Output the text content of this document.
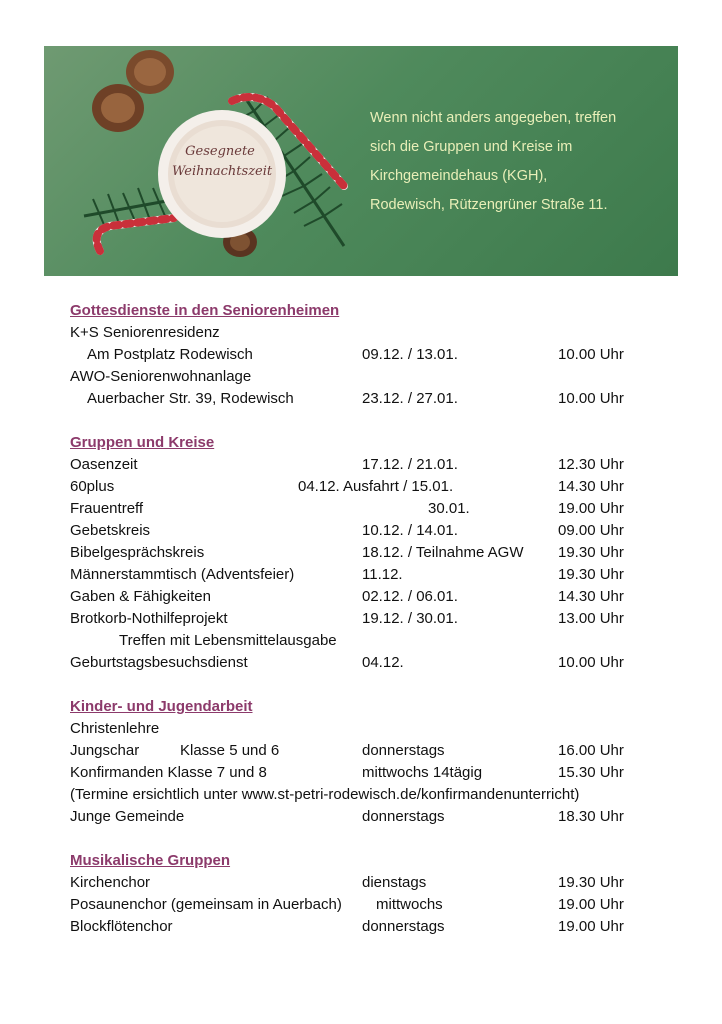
Gesegnete
Weihnachtszeit
Wenn nicht anders angegeben, treffen
sich die Gruppen und Kreise im
Kirchgemeindehaus (KGH),
Rodewisch, Rützengrüner Straße 11.
Gottesdienste in den Seniorenheimen
K+S Seniorenresidenz
Am Postplatz Rodewisch	09.12. / 13.01.	10.00 Uhr
AWO-Seniorenwohnanlage
Auerbacher Str. 39, Rodewisch	23.12. / 27.01.	10.00 Uhr
Gruppen und Kreise
Oasenzeit	17.12. / 21.01.	12.30 Uhr
60plus	04.12. Ausfahrt / 15.01.	14.30 Uhr
Frauentreff	30.01.	19.00 Uhr
Gebetskreis	10.12. / 14.01.	09.00 Uhr
Bibelgesprächskreis	18.12. / Teilnahme AGW 19.30 Uhr
Männerstammtisch (Adventsfeier)	11.12.	19.30 Uhr
Gaben & Fähigkeiten	02.12. / 06.01.	14.30 Uhr
Brotkorb-Nothilfeprojekt	19.12. / 30.01.	13.00 Uhr
Treffen mit Lebensmittelausgabe
Geburtstagsbesuchsdienst	04.12.	10.00 Uhr
Kinder- und Jugendarbeit
Christenlehre
Jungschar	Klasse 5 und 6	donnerstags	16.00 Uhr
Konfirmanden Klasse 7 und 8	mittwochs 14tägig	15.30 Uhr
(Termine ersichtlich unter www.st-petri-rodewisch.de/konfirmandenunterricht)
Junge Gemeinde	donnerstags	18.30 Uhr
Musikalische Gruppen
Kirchenchor	dienstags	19.30 Uhr
Posaunenchor (gemeinsam in Auerbach) mittwochs	19.00 Uhr
Blockflötenchor	donnerstags	19.00 Uhr
